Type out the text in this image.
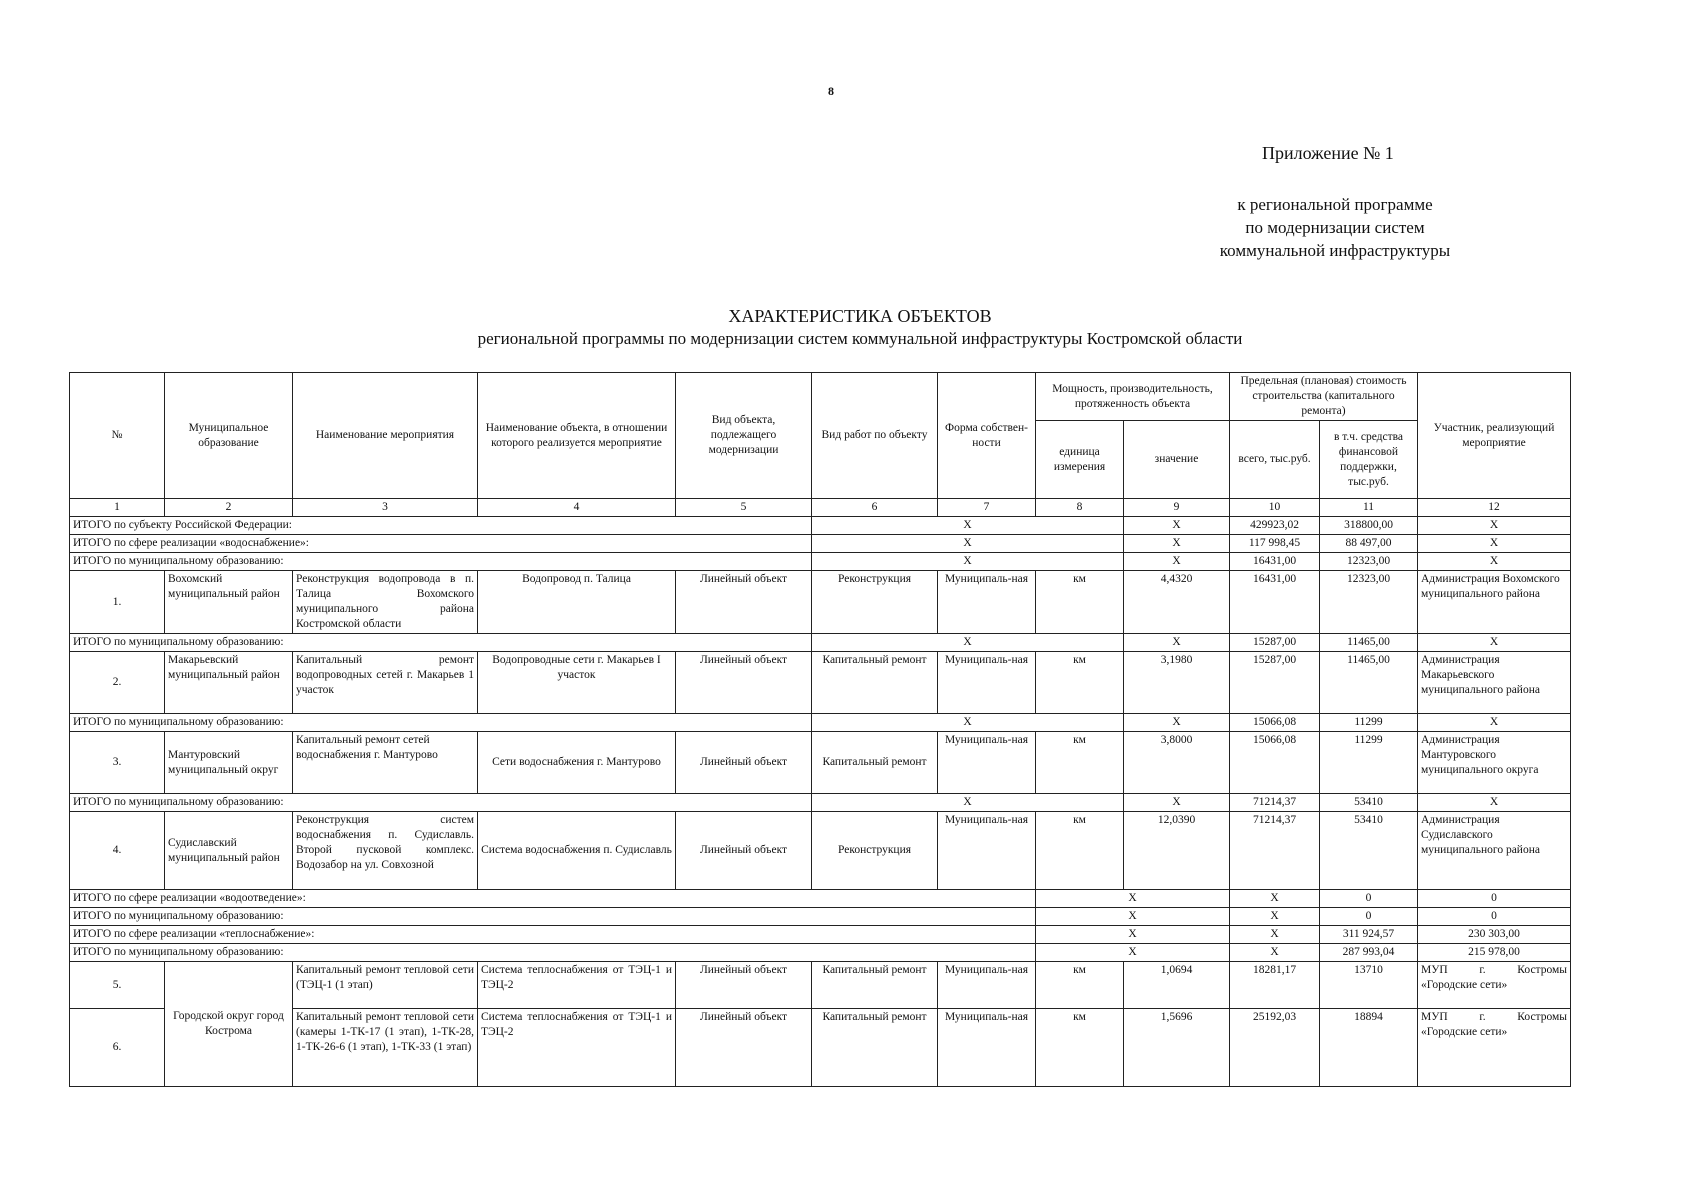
8
Приложение № 1
к региональной программе
по модернизации систем
коммунальной инфраструктуры
ХАРАКТЕРИСТИКА ОБЪЕКТОВ
региональной программы по модернизации систем коммунальной инфраструктуры Костромской области
№	Муниципальное образование	Наименование мероприятия	Наименование объекта, в отношении которого реализуется мероприятие	Вид объекта, подлежащего модернизации	Вид работ по объекту	Форма собствен-ности	Мощность, производительность, протяженность объекта		Предельная (плановая) стоимость строительства (капитального ремонта)		Участник, реализующий мероприятие	
							единица измерения	значение	всего, тыс.руб.	в т.ч. средства финансовой поддержки, тыс.руб.		
1	2	3	4	5	6	7	8	9	10	11	12	
ИТОГО по субъекту Российской Федерации:					X			X	429923,02	318800,00	X	
ИТОГО по сфере реализации «водоснабжение»:					X			X	117 998,45	88 497,00	X	
ИТОГО по муниципальному образованию:					X			X	16431,00	12323,00	X	
1.	Вохомский муниципальный район	Реконструкция водопровода в п. Талица Вохомского муниципального района Костромской области	Водопровод п. Талица	Линейный объект	Реконструкция	Муниципаль-ная	км	4,4320	16431,00	12323,00	Администрация Вохомского муниципального района	
ИТОГО по муниципальному образованию:					X			X	15287,00	11465,00	X	
2.	Макарьевский муниципальный район	Капитальный ремонт водопроводных сетей г. Макарьев 1 участок	Водопроводные сети г. Макарьев I участок	Линейный объект	Капитальный ремонт	Муниципаль-ная	км	3,1980	15287,00	11465,00	Администрация Макарьевского муниципального района	
ИТОГО по муниципальному образованию:					X			X	15066,08	11299	X	
3.	Мантуровский муниципальный округ	Капитальный ремонт сетей водоснабжения г. Мантурово	Сети водоснабжения г. Мантурово	Линейный объект	Капитальный ремонт	Муниципаль-ная	км	3,8000	15066,08	11299	Администрация Мантуровского муниципального округа	
ИТОГО по муниципальному образованию:					X			X	71214,37	53410	X	
4.	Судиславский муниципальный район	Реконструкция систем водоснабжения п. Судиславль. Второй пусковой комплекс. Водозабор на ул. Совхозной	Система водоснабжения п. Судиславль	Линейный объект	Реконструкция	Муниципаль-ная	км	12,0390	71214,37	53410	Администрация Судиславского муниципального района	
ИТОГО по сфере реализации «водоотведение»:							X		X	0	0	
ИТОГО по муниципальному образованию:							X		X	0	0	
ИТОГО по сфере реализации «теплоснабжение»:							X		X	311 924,57	230 303,00	
ИТОГО по муниципальному образованию:							X		X	287 993,04	215 978,00	
5.	Городской округ город Кострома	Капитальный ремонт тепловой сети (ТЭЦ-1 (1 этап)	Система теплоснабжения от ТЭЦ-1 и ТЭЦ-2	Линейный объект	Капитальный ремонт	Муниципаль-ная	км	1,0694	18281,17	13710	МУП г. Костромы «Городские сети»	
6.		Капитальный ремонт тепловой сети (камеры 1-ТК-17 (1 этап), 1-ТК-28, 1-ТК-26-6 (1 этап), 1-ТК-33 (1 этап)	Система теплоснабжения от ТЭЦ-1 и ТЭЦ-2	Линейный объект	Капитальный ремонт	Муниципаль-ная	км	1,5696	25192,03	18894	МУП г. Костромы «Городские сети»	
